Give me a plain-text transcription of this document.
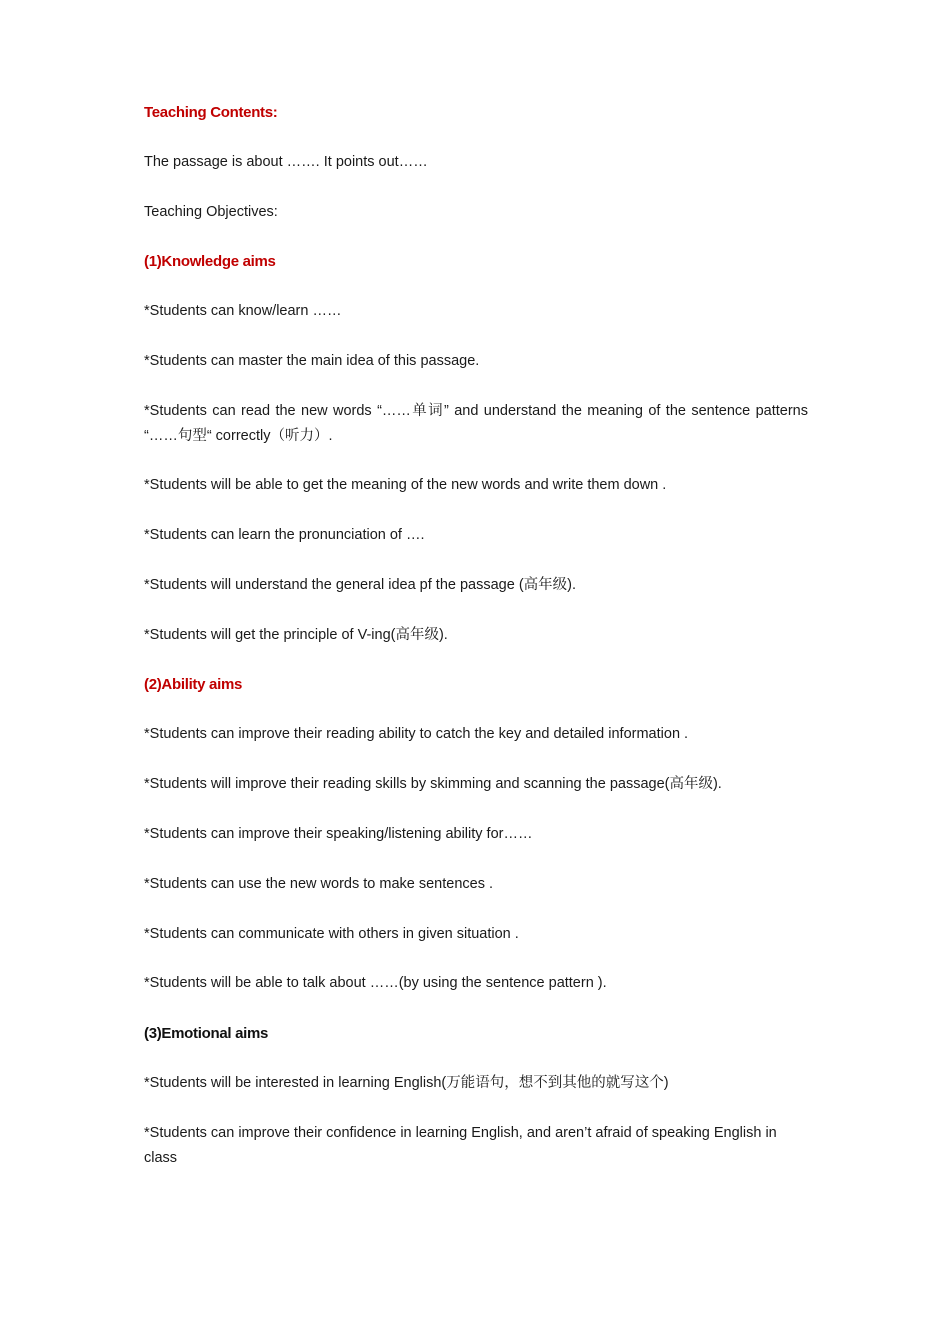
Teaching Contents:
The passage is about ……. It points out……
Teaching Objectives:
(1)Knowledge aims
*Students can know/learn ……
*Students can master the main idea of this passage.
*Students can read the new words “……单词” and understand the meaning of the sentence patterns “……句型“ correctly（听力）.
*Students will be able to get the meaning of the new words and write them down .
*Students can learn the pronunciation of ….
*Students will understand the general idea pf the passage (高年级).
*Students will get the principle of V-ing(高年级).
(2)Ability aims
*Students can improve their reading ability to catch the key and detailed information .
*Students will improve their reading skills by skimming and scanning the passage(高年级).
*Students can improve their speaking/listening ability for……
*Students can use the new words to make sentences .
*Students can communicate with others in given situation .
*Students will be able to talk about ……(by using the sentence pattern ).
(3)Emotional aims
*Students will be interested in learning English(万能语句，想不到其他的就写这个)
*Students can improve their confidence in learning English, and aren’t afraid of speaking English in class
